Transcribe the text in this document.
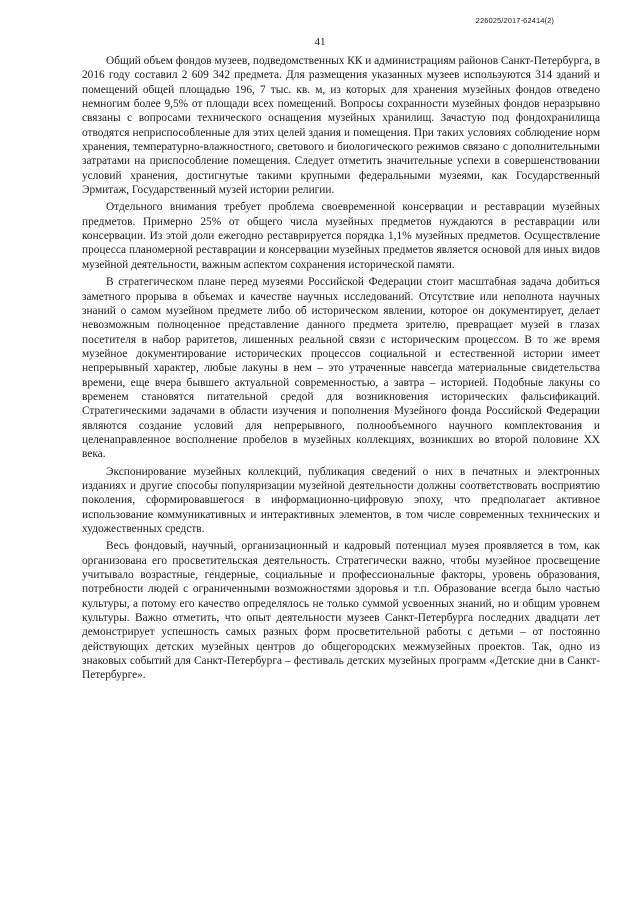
226025/2017-62414(2)
41

Общий объем фондов музеев, подведомственных КК и администрациям районов Санкт-Петербурга, в 2016 году составил 2 609 342 предмета. Для размещения указанных музеев используются 314 зданий и помещений общей площадью 196, 7 тыс. кв. м, из которых для хранения музейных фондов отведено немногим более 9,5% от площади всех помещений. Вопросы сохранности музейных фондов неразрывно связаны с вопросами технического оснащения музейных хранилищ. Зачастую под фондохранилища отводятся неприспособленные для этих целей здания и помещения. При таких условиях соблюдение норм хранения, температурно-влажностного, светового и биологического режимов связано с дополнительными затратами на приспособление помещения. Следует отметить значительные успехи в совершенствовании условий хранения, достигнутые такими крупными федеральными музеями, как Государственный Эрмитаж, Государственный музей истории религии.

Отдельного внимания требует проблема своевременной консервации и реставрации музейных предметов. Примерно 25% от общего числа музейных предметов нуждаются в реставрации или консервации. Из этой доли ежегодно реставрируется порядка 1,1% музейных предметов. Осуществление процесса планомерной реставрации и консервации музейных предметов является основой для иных видов музейной деятельности, важным аспектом сохранения исторической памяти.

В стратегическом плане перед музеями Российской Федерации стоит масштабная задача добиться заметного прорыва в объемах и качестве научных исследований. Отсутствие или неполнота научных знаний о самом музейном предмете либо об историческом явлении, которое он документирует, делает невозможным полноценное представление данного предмета зрителю, превращает музей в глазах посетителя в набор раритетов, лишенных реальной связи с историческим процессом. В то же время музейное документирование исторических процессов социальной и естественной истории имеет непрерывный характер, любые лакуны в нем – это утраченные навсегда материальные свидетельства времени, еще вчера бывшего актуальной современностью, а завтра – историей. Подобные лакуны со временем становятся питательной средой для возникновения исторических фальсификаций. Стратегическими задачами в области изучения и пополнения Музейного фонда Российской Федерации являются создание условий для непрерывного, полнообъемного научного комплектования и целенаправленное восполнение пробелов в музейных коллекциях, возникших во второй половине XX века.

Экспонирование музейных коллекций, публикация сведений о них в печатных и электронных изданиях и другие способы популяризации музейной деятельности должны соответствовать восприятию поколения, сформировавшегося в информационно-цифровую эпоху, что предполагает активное использование коммуникативных и интерактивных элементов, в том числе современных технических и художественных средств.

Весь фондовый, научный, организационный и кадровый потенциал музея проявляется в том, как организована его просветительская деятельность. Стратегически важно, чтобы музейное просвещение учитывало возрастные, гендерные, социальные и профессиональные факторы, уровень образования, потребности людей с ограниченными возможностями здоровья и т.п. Образование всегда было частью культуры, а потому его качество определялось не только суммой усвоенных знаний, но и общим уровнем культуры. Важно отметить, что опыт деятельности музеев Санкт-Петербурга последних двадцати лет демонстрирует успешность самых разных форм просветительной работы с детьми – от постоянно действующих детских музейных центров до общегородских межмузейных проектов. Так, одно из знаковых событий для Санкт-Петербурга – фестиваль детских музейных программ «Детские дни в Санкт-Петербурге».
